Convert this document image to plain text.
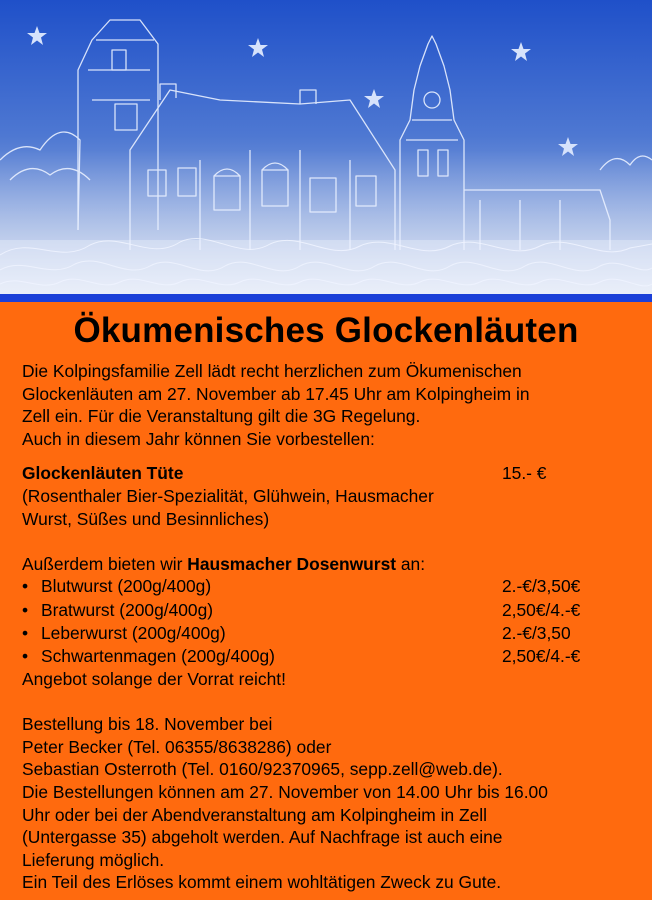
Ökumenisches Glockenläuten

Die Kolpingsfamilie Zell lädt recht herzlichen zum Ökumenischen

Glockenläuten am 27. November ab 17.45 Uhr am Kolpingheim in

Zell ein. Für die Veranstaltung gilt die 3G Regelung.

Auch in diesem Jahr können Sie vorbestellen:

Glockenläuten Tüte	15.- €

(Rosenthaler Bier-Spezialität, Glühwein, Hausmacher

Wurst, Süßes und Besinnliches)

Außerdem bieten wir Hausmacher Dosenwurst an:

• Blutwurst (200g/400g)	2.-€/3,50€
• Bratwurst (200g/400g)	2,50€/4.-€
• Leberwurst (200g/400g)	2.-€/3,50
• Schwartenmagen (200g/400g)	2,50€/4.-€

Angebot solange der Vorrat reicht!

Bestellung bis 18. November bei

Peter Becker (Tel. 06355/8638286) oder

Sebastian Osterroth (Tel. 0160/92370965, sepp.zell@web.de).

Die Bestellungen können am 27. November von 14.00 Uhr bis 16.00

Uhr oder bei der Abendveranstaltung am Kolpingheim in Zell

(Untergasse 35) abgeholt werden. Auf Nachfrage ist auch eine

Lieferung möglich.

Ein Teil des Erlöses kommt einem wohltätigen Zweck zu Gute.
